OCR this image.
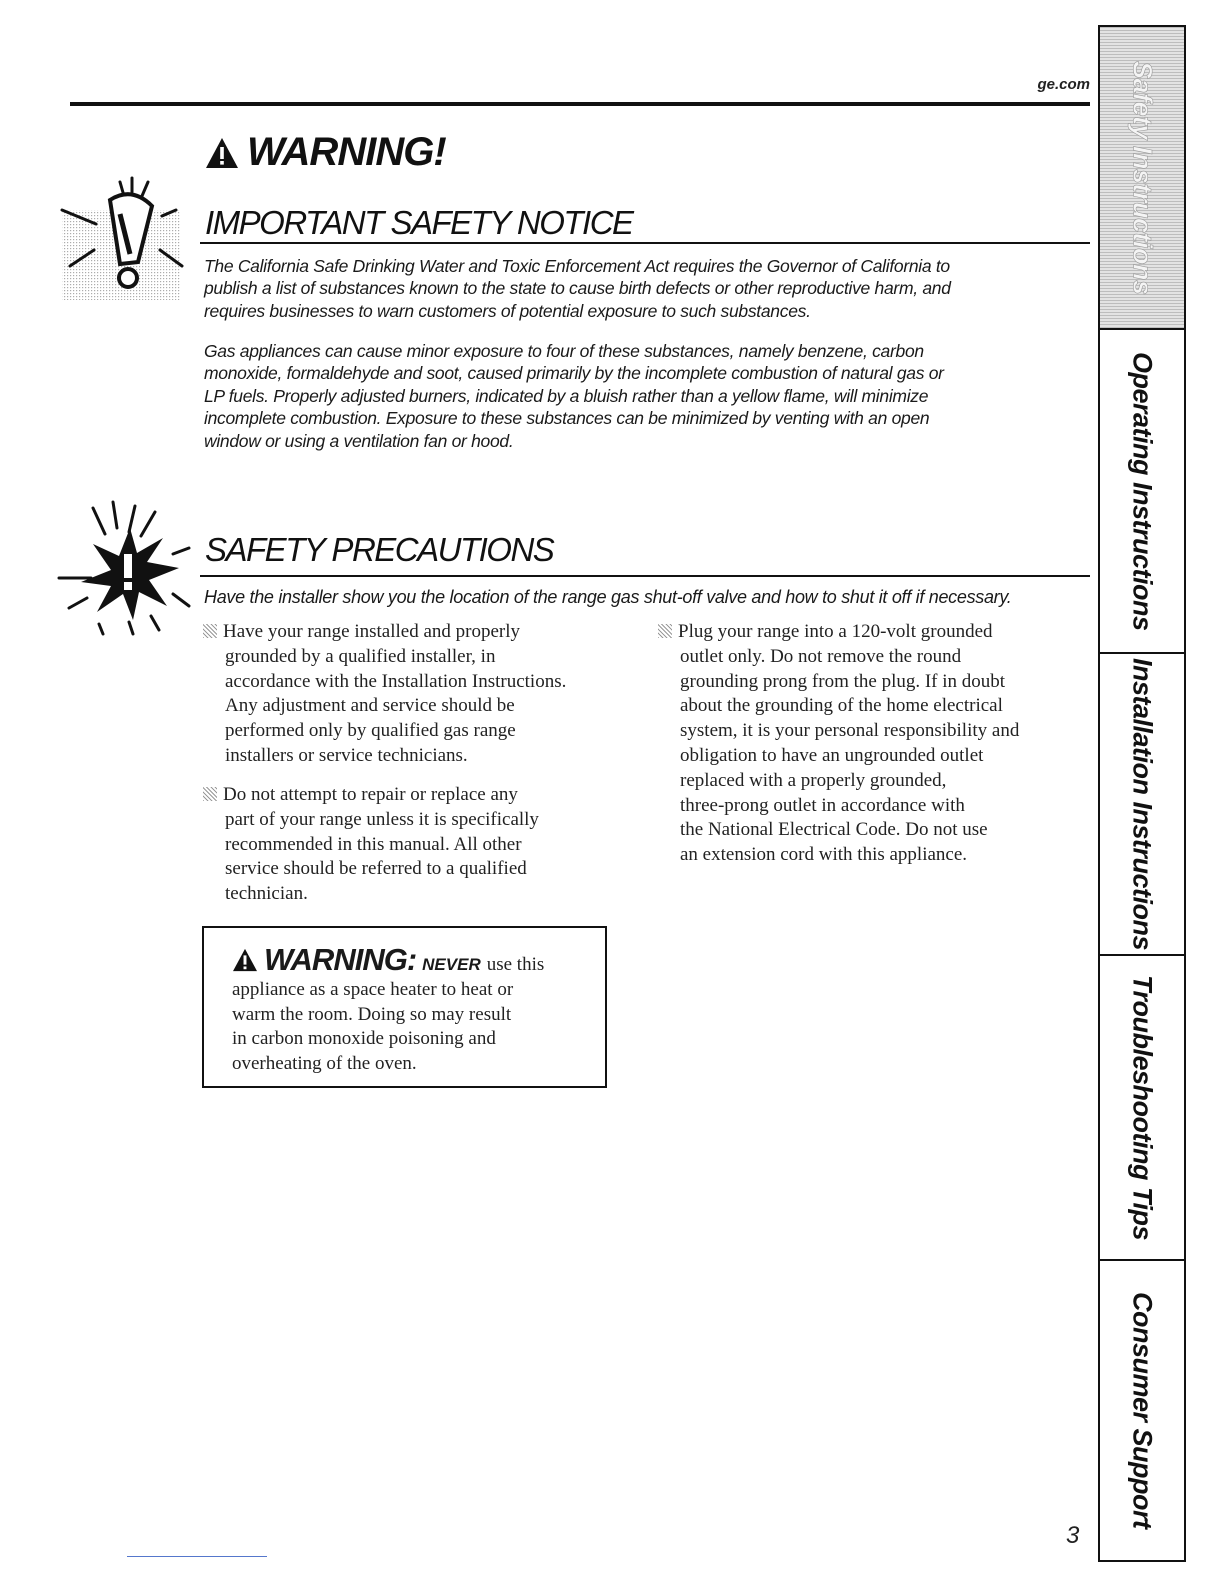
ge.com
WARNING!
IMPORTANT SAFETY NOTICE
The California Safe Drinking Water and Toxic Enforcement Act requires the Governor of California to
publish a list of substances known to the state to cause birth defects or other reproductive harm, and
requires businesses to warn customers of potential exposure to such substances.
Gas appliances can cause minor exposure to four of these substances, namely benzene, carbon
monoxide, formaldehyde and soot, caused primarily by the incomplete combustion of natural gas or
LP fuels. Properly adjusted burners, indicated by a bluish rather than a yellow flame, will minimize
incomplete combustion. Exposure to these substances can be minimized by venting with an open
window or using a ventilation fan or hood.
SAFETY PRECAUTIONS
Have the installer show you the location of the range gas shut-off valve and how to shut it off if necessary.
Have your range installed and properly
grounded by a qualified installer, in
accordance with the Installation Instructions.
Any adjustment and service should be
performed only by qualified gas range
installers or service technicians.
Do not attempt to repair or replace any
part of your range unless it is specifically
recommended in this manual. All other
service should be referred to a qualified
technician.
Plug your range into a 120-volt grounded
outlet only. Do not remove the round
grounding prong from the plug. If in doubt
about the grounding of the home electrical
system, it is your personal responsibility and
obligation to have an ungrounded outlet
replaced with a properly grounded,
three-prong outlet in accordance with
the National Electrical Code. Do not use
an extension cord with this appliance.
WARNING: NEVER use this
appliance as a space heater to heat or
warm the room. Doing so may result
in carbon monoxide poisoning and
overheating of the oven.
Safety Instructions
Operating Instructions
Installation Instructions
Troubleshooting Tips
Consumer Support
3
